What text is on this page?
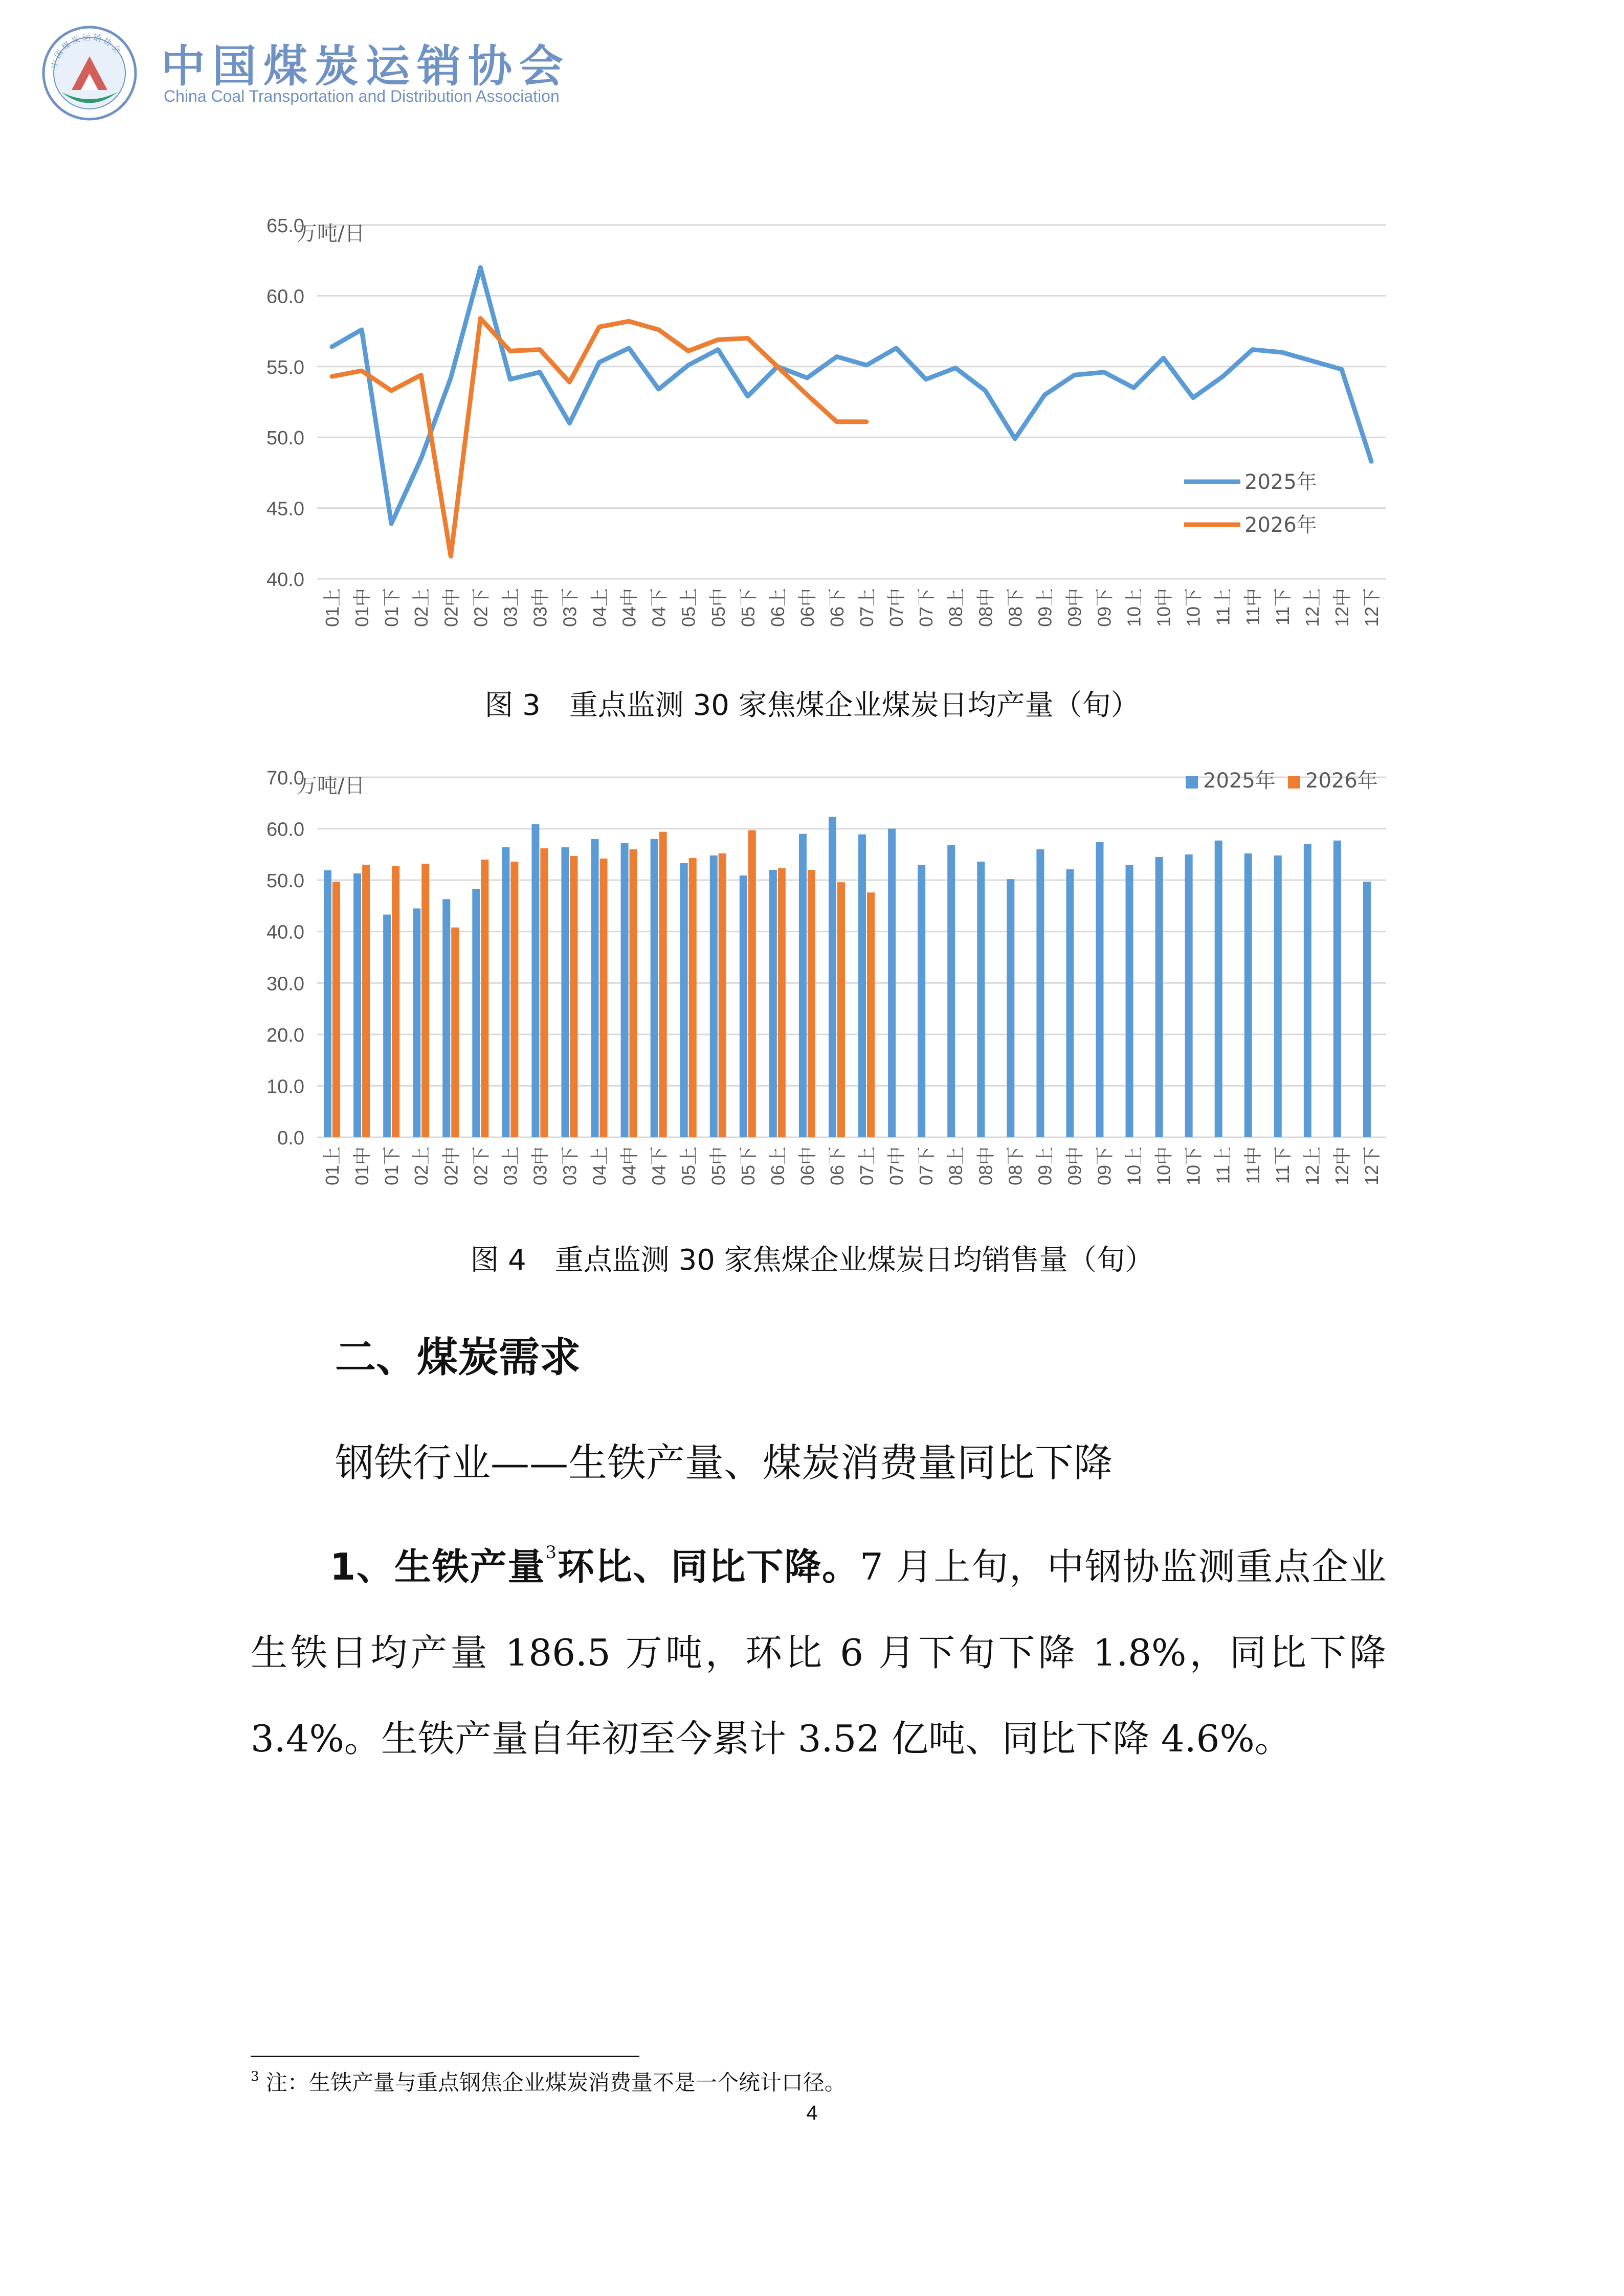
中国煤炭运销协会 中国煤炭运销协会
China Coal Transportation and Distribution Association
65.0
60.0
55.0
50.0
45.0
40.0
01上 01中 01下 02上 02中 02下 03上 03中 03下 04上 04中 04下 05上 05中 05下 06上 06中 06下 07上 07中 07下 08上 08中 08下 09上 09中 09下 10上 10中 10下 11上 11中 11下 12上 12中 12下
万吨/日
2025年
2026年
图 3　重点监测 30 家焦煤企业煤炭日均产量（旬）
70.0
60.0
50.0
40.0
30.0
20.0
10.0
0.0
01上 01中 01下 02上 02中 02下 03上 03中 03下 04上 04中 04下 05上 05中 05下 06上 06中 06下 07上 07中 07下 08上 08中 08下 09上 09中 09下 10上 10中 10下 11上 11中 11下 12上 12中 12下
万吨/日	2025年 2026年
图 4　重点监测 30 家焦煤企业煤炭日均销售量（旬）
二、煤炭需求
钢铁行业——生铁产量、煤炭消费量同比下降
1、生铁产量$^3$环比、同比下降。7 月上旬，中钢协监测重点企业生铁日均产量 186.5 万吨，环比 6 月下旬下降 1.8%，同比下降 3.4%。生铁产量自年初至今累计 3.52 亿吨、同比下降 4.6%。
$^3$ 注：生铁产量与重点钢焦企业煤炭消费量不是一个统计口径。
4
